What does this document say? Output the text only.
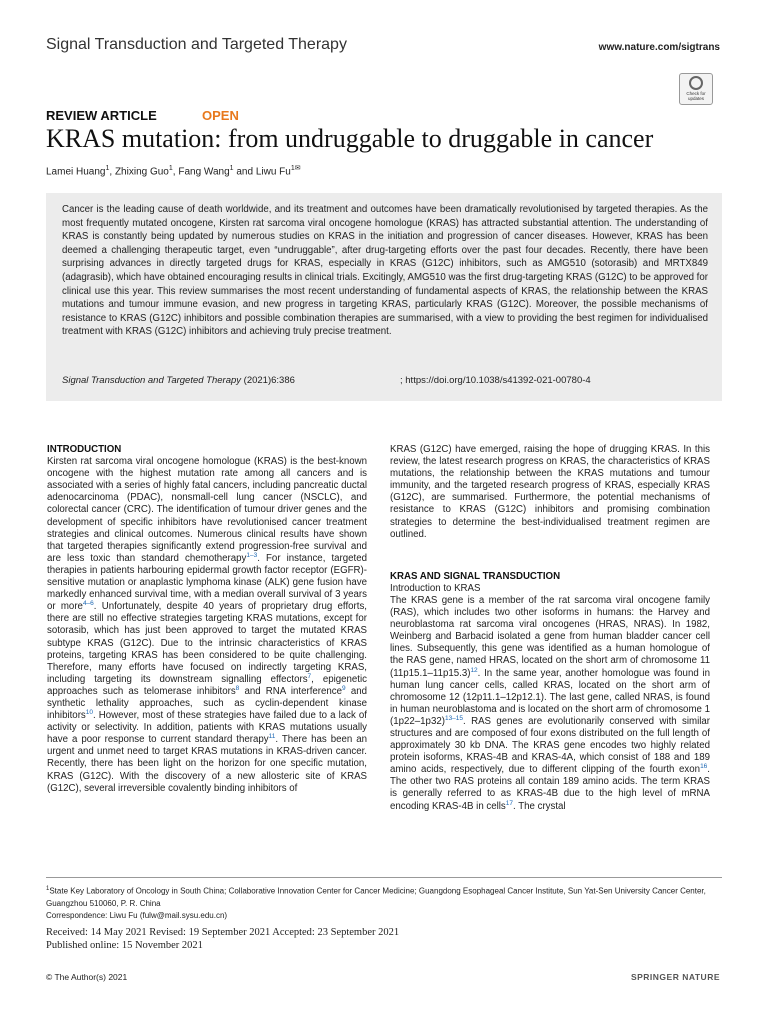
Signal Transduction and Targeted Therapy	www.nature.com/sigtrans
Check for updates
REVIEW ARTICLE	OPEN
KRAS mutation: from undruggable to druggable in cancer
Lamei Huang$^1$, Zhixing Guo$^1$, Fang Wang$^1$ and Liwu $Fu^{1✉}$

Cancer is the leading cause of death worldwide, and its treatment and outcomes have been dramatically revolutionised by targeted therapies. As the most frequently mutated oncogene, Kirsten rat sarcoma viral oncogene homologue (KRAS) has attracted substantial attention. The understanding of KRAS is constantly being updated by numerous studies on KRAS in the initiation and progression of cancer diseases. However, KRAS has been deemed a challenging therapeutic target, even “undruggable”, after drug-targeting efforts over the past four decades. Recently, there have been surprising advances in directly targeted drugs for KRAS, especially in KRAS (G12C) inhibitors, such as AMG510 (sotorasib) and MRTX849 (adagrasib), which have obtained encouraging results in clinical trials. Excitingly, AMG510 was the first drug-targeting KRAS (G12C) to be approved for clinical use this year. This review summarises the most recent understanding of fundamental aspects of KRAS, the relationship between the KRAS mutations and tumour immune evasion, and new progress in targeting KRAS, particularly KRAS (G12C). Moreover, the possible mechanisms of resistance to KRAS (G12C) inhibitors and possible combination therapies are summarised, with a view to providing the best regimen for individualised treatment with KRAS (G12C) inhibitors and achieving truly precise treatment.

Signal Transduction and Targeted Therapy (2021)6:386	; https://doi.org/10.1038/s41392-021-00780-4

INTRODUCTION

Kirsten rat sarcoma viral oncogene homologue (KRAS) is the best-known oncogene with the highest mutation rate among all cancers and is associated with a series of highly fatal cancers, including pancreatic ductal adenocarcinoma (PDAC), nonsmall-cell lung cancer (NSCLC), and colorectal cancer (CRC). The identification of tumour driver genes and the development of specific inhibitors have revolutionised cancer treatment strategies and clinical outcomes. Numerous clinical results have shown that targeted therapies significantly extend progression-free survival and are less toxic than standard chemotherapy$^{1-3}$. For instance, targeted therapies in patients harbouring epidermal growth factor receptor (EGFR)-sensitive mutation or anaplastic lymphoma kinase (ALK) gene fusion have markedly enhanced survival time, with a median overall survival of 3 years or more$^{4-6}$. Unfortunately, despite 40 years of proprietary drug efforts, there are still no effective strategies targeting KRAS mutations, except for sotorasib, which has just been approved to target the mutated KRAS subtype KRAS (G12C). Due to the intrinsic characteristics of KRAS proteins, targeting KRAS has been considered to be quite challenging. Therefore, many efforts have focused on indirectly targeting KRAS, including targeting its downstream signalling effectors$^7$, epigenetic approaches such as telomerase inhibitors$^8$ and RNA interference$^9$ and synthetic lethality approaches, such as cyclin-dependent kinase inhibitors$^{10}$. However, most of these strategies have failed due to a lack of activity or selectivity. In addition, patients with KRAS mutations usually have a poor response to current standard therapy$^{11}$. There has been an urgent and unmet need to target KRAS mutations in KRAS-driven cancer. Recently, there has been light on the horizon for one specific mutation, KRAS (G12C). With the discovery of a new allosteric site of KRAS (G12C), several irreversible covalently binding inhibitors of

KRAS (G12C) have emerged, raising the hope of drugging KRAS. In this review, the latest research progress on KRAS, the characteristics of KRAS mutations, the relationship between the KRAS mutations and tumour immunity, and the targeted research progress of KRAS, especially KRAS (G12C), are summarised. Furthermore, the potential mechanisms of resistance to KRAS (G12C) inhibitors and promising combination strategies to determine the best-individualised treatment regimen are outlined.

KRAS AND SIGNAL TRANSDUCTION

Introduction to KRAS

The KRAS gene is a member of the rat sarcoma viral oncogene family (RAS), which includes two other isoforms in humans: the Harvey and neuroblastoma rat sarcoma viral oncogenes (HRAS, NRAS). In 1982, Weinberg and Barbacid isolated a gene from human bladder cancer cell lines. Subsequently, this gene was identified as a human homologue of the RAS gene, named HRAS, located on the short arm of chromosome 11 $(11p15.1-11p15.3)^{12}$. In the same year, another homologue was found in human lung cancer cells, called KRAS, located on the short arm of chromosome 12 (12p11.1–12p12.1). The last gene, called NRAS, is found in human neuroblastoma and is located on the short arm of chromosome 1 $(1p22-1p32)^{13-15}$. RAS genes are evolutionarily conserved with similar structures and are composed of four exons distributed on the full length of approximately 30 kb DNA. The KRAS gene encodes two highly related protein isoforms, KRAS-4B and KRAS-4A, which consist of 188 and 189 amino acids, respectively, due to different clipping of the fourth exon$^{16}$. The other two RAS proteins all contain 189 amino acids. The term KRAS is generally referred to as KRAS-4B due to the high level of mRNA encoding KRAS-4B in cells$^{17}$. The crystal

$^1$State Key Laboratory of Oncology in South China; Collaborative Innovation Center for Cancer Medicine; Guangdong Esophageal Cancer Institute, Sun Yat-Sen University Cancer Center, Guangzhou 510060, P. R. China
Correspondence: Liwu Fu (fulw@mail.sysu.edu.cn)
Received: 14 May 2021 Revised: 19 September 2021 Accepted: 23 September 2021
Published online: 15 November 2021
© The Author(s) 2021	SPRINGER NATURE
